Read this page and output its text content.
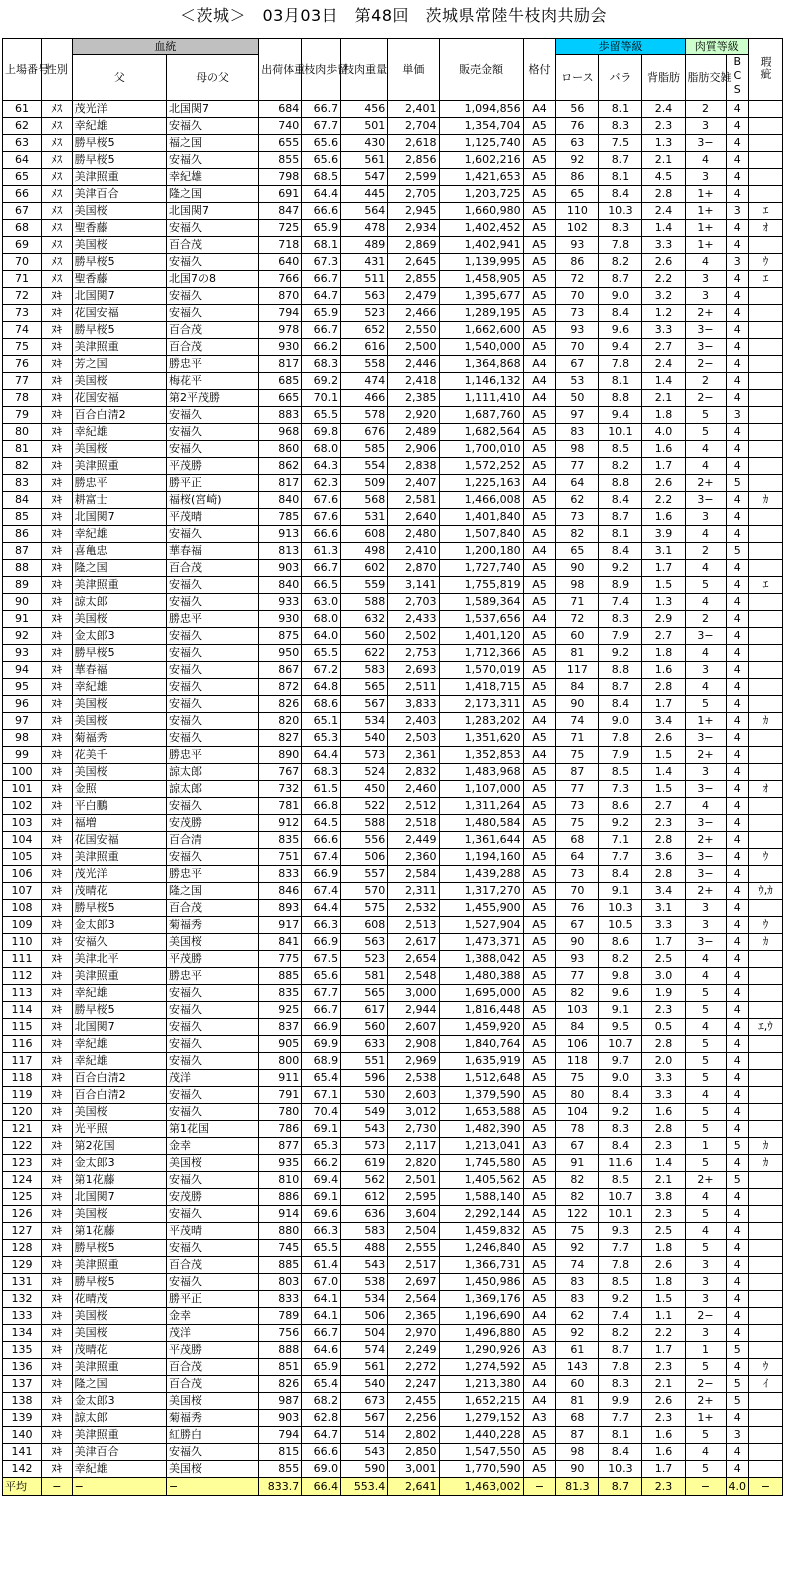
＜茨城＞　03月03日　第48回　茨城県常陸牛枝肉共励会
上場番号	性別	血統		出荷体重	枝肉歩留	枝肉重量	単価	販売金額	格付	歩留等級			肉質等級		瑕疵
		父	母の父							ロース	バラ	背脂肪	脂肪交雑	BCS	
61	ﾒｽ	茂光洋	北国関7	684	66.7	456	2,401	1,094,856	A4	56	8.1	2.4	2	4	
62	ﾒｽ	幸紀雄	安福久	740	67.7	501	2,704	1,354,704	A5	76	8.3	2.3	3	4	
63	ﾒｽ	勝早桜5	福之国	655	65.6	430	2,618	1,125,740	A5	63	7.5	1.3	3−	4	
64	ﾒｽ	勝早桜5	安福久	855	65.6	561	2,856	1,602,216	A5	92	8.7	2.1	4	4	
65	ﾒｽ	美津照重	幸紀雄	798	68.5	547	2,599	1,421,653	A5	86	8.1	4.5	3	4	
66	ﾒｽ	美津百合	隆之国	691	64.4	445	2,705	1,203,725	A5	65	8.4	2.8	1+	4	
67	ﾒｽ	美国桜	北国関7	847	66.6	564	2,945	1,660,980	A5	110	10.3	2.4	1+	3	ｴ
68	ﾒｽ	聖香藤	安福久	725	65.9	478	2,934	1,402,452	A5	102	8.3	1.4	1+	4	ｵ
69	ﾒｽ	美国桜	百合茂	718	68.1	489	2,869	1,402,941	A5	93	7.8	3.3	1+	4	
70	ﾒｽ	勝早桜5	安福久	640	67.3	431	2,645	1,139,995	A5	86	8.2	2.6	4	3	ｳ
71	ﾒｽ	聖香藤	北国7の8	766	66.7	511	2,855	1,458,905	A5	72	8.7	2.2	3	4	ｴ
72	ﾇｷ	北国関7	安福久	870	64.7	563	2,479	1,395,677	A5	70	9.0	3.2	3	4	
73	ﾇｷ	花国安福	安福久	794	65.9	523	2,466	1,289,195	A5	73	8.4	1.2	2+	4	
74	ﾇｷ	勝早桜5	百合茂	978	66.7	652	2,550	1,662,600	A5	93	9.6	3.3	3−	4	
75	ﾇｷ	美津照重	百合茂	930	66.2	616	2,500	1,540,000	A5	70	9.4	2.7	3−	4	
76	ﾇｷ	芳之国	勝忠平	817	68.3	558	2,446	1,364,868	A4	67	7.8	2.4	2−	4	
77	ﾇｷ	美国桜	梅花平	685	69.2	474	2,418	1,146,132	A4	53	8.1	1.4	2	4	
78	ﾇｷ	花国安福	第2平茂勝	665	70.1	466	2,385	1,111,410	A4	50	8.8	2.1	2−	4	
79	ﾇｷ	百合白清2	安福久	883	65.5	578	2,920	1,687,760	A5	97	9.4	1.8	5	3	
80	ﾇｷ	幸紀雄	安福久	968	69.8	676	2,489	1,682,564	A5	83	10.1	4.0	5	4	
81	ﾇｷ	美国桜	安福久	860	68.0	585	2,906	1,700,010	A5	98	8.5	1.6	4	4	
82	ﾇｷ	美津照重	平茂勝	862	64.3	554	2,838	1,572,252	A5	77	8.2	1.7	4	4	
83	ﾇｷ	勝忠平	勝平正	817	62.3	509	2,407	1,225,163	A4	64	8.8	2.6	2+	5	
84	ﾇｷ	耕富士	福桜(宮崎)	840	67.6	568	2,581	1,466,008	A5	62	8.4	2.2	3−	4	ｶ
85	ﾇｷ	北国関7	平茂晴	785	67.6	531	2,640	1,401,840	A5	73	8.7	1.6	3	4	
86	ﾇｷ	幸紀雄	安福久	913	66.6	608	2,480	1,507,840	A5	82	8.1	3.9	4	4	
87	ﾇｷ	喜亀忠	華春福	813	61.3	498	2,410	1,200,180	A4	65	8.4	3.1	2	5	
88	ﾇｷ	隆之国	百合茂	903	66.7	602	2,870	1,727,740	A5	90	9.2	1.7	4	4	
89	ﾇｷ	美津照重	安福久	840	66.5	559	3,141	1,755,819	A5	98	8.9	1.5	5	4	ｴ
90	ﾇｷ	諒太郎	安福久	933	63.0	588	2,703	1,589,364	A5	71	7.4	1.3	4	4	
91	ﾇｷ	美国桜	勝忠平	930	68.0	632	2,433	1,537,656	A4	72	8.3	2.9	2	4	
92	ﾇｷ	金太郎3	安福久	875	64.0	560	2,502	1,401,120	A5	60	7.9	2.7	3−	4	
93	ﾇｷ	勝早桜5	安福久	950	65.5	622	2,753	1,712,366	A5	81	9.2	1.8	4	4	
94	ﾇｷ	華春福	安福久	867	67.2	583	2,693	1,570,019	A5	117	8.8	1.6	3	4	
95	ﾇｷ	幸紀雄	安福久	872	64.8	565	2,511	1,418,715	A5	84	8.7	2.8	4	4	
96	ﾇｷ	美国桜	安福久	826	68.6	567	3,833	2,173,311	A5	90	8.4	1.7	5	4	
97	ﾇｷ	美国桜	安福久	820	65.1	534	2,403	1,283,202	A4	74	9.0	3.4	1+	4	ｶ
98	ﾇｷ	菊福秀	安福久	827	65.3	540	2,503	1,351,620	A5	71	7.8	2.6	3−	4	
99	ﾇｷ	花美千	勝忠平	890	64.4	573	2,361	1,352,853	A4	75	7.9	1.5	2+	4	
100	ﾇｷ	美国桜	諒太郎	767	68.3	524	2,832	1,483,968	A5	87	8.5	1.4	3	4	
101	ﾇｷ	金照	諒太郎	732	61.5	450	2,460	1,107,000	A5	77	7.3	1.5	3−	4	ｵ
102	ﾇｷ	平白鵬	安福久	781	66.8	522	2,512	1,311,264	A5	73	8.6	2.7	4	4	
103	ﾇｷ	福増	安茂勝	912	64.5	588	2,518	1,480,584	A5	75	9.2	2.3	3−	4	
104	ﾇｷ	花国安福	百合清	835	66.6	556	2,449	1,361,644	A5	68	7.1	2.8	2+	4	
105	ﾇｷ	美津照重	安福久	751	67.4	506	2,360	1,194,160	A5	64	7.7	3.6	3−	4	ｳ
106	ﾇｷ	茂光洋	勝忠平	833	66.9	557	2,584	1,439,288	A5	73	8.4	2.8	3−	4	
107	ﾇｷ	茂晴花	隆之国	846	67.4	570	2,311	1,317,270	A5	70	9.1	3.4	2+	4	ｳ,ｶ
108	ﾇｷ	勝早桜5	百合茂	893	64.4	575	2,532	1,455,900	A5	76	10.3	3.1	3	4	
109	ﾇｷ	金太郎3	菊福秀	917	66.3	608	2,513	1,527,904	A5	67	10.5	3.3	3	4	ｳ
110	ﾇｷ	安福久	美国桜	841	66.9	563	2,617	1,473,371	A5	90	8.6	1.7	3−	4	ｶ
111	ﾇｷ	美津北平	平茂勝	775	67.5	523	2,654	1,388,042	A5	93	8.2	2.5	4	4	
112	ﾇｷ	美津照重	勝忠平	885	65.6	581	2,548	1,480,388	A5	77	9.8	3.0	4	4	
113	ﾇｷ	幸紀雄	安福久	835	67.7	565	3,000	1,695,000	A5	82	9.6	1.9	5	4	
114	ﾇｷ	勝早桜5	安福久	925	66.7	617	2,944	1,816,448	A5	103	9.1	2.3	5	4	
115	ﾇｷ	北国関7	安福久	837	66.9	560	2,607	1,459,920	A5	84	9.5	0.5	4	4	ｴ,ｳ
116	ﾇｷ	幸紀雄	安福久	905	69.9	633	2,908	1,840,764	A5	106	10.7	2.8	5	4	
117	ﾇｷ	幸紀雄	安福久	800	68.9	551	2,969	1,635,919	A5	118	9.7	2.0	5	4	
118	ﾇｷ	百合白清2	茂洋	911	65.4	596	2,538	1,512,648	A5	75	9.0	3.3	5	4	
119	ﾇｷ	百合白清2	安福久	791	67.1	530	2,603	1,379,590	A5	80	8.4	3.3	4	4	
120	ﾇｷ	美国桜	安福久	780	70.4	549	3,012	1,653,588	A5	104	9.2	1.6	5	4	
121	ﾇｷ	光平照	第1花国	786	69.1	543	2,730	1,482,390	A5	78	8.3	2.8	5	4	
122	ﾇｷ	第2花国	金幸	877	65.3	573	2,117	1,213,041	A3	67	8.4	2.3	1	5	ｶ
123	ﾇｷ	金太郎3	美国桜	935	66.2	619	2,820	1,745,580	A5	91	11.6	1.4	5	4	ｶ
124	ﾇｷ	第1花藤	安福久	810	69.4	562	2,501	1,405,562	A5	82	8.5	2.1	2+	5	
125	ﾇｷ	北国関7	安茂勝	886	69.1	612	2,595	1,588,140	A5	82	10.7	3.8	4	4	
126	ﾇｷ	美国桜	安福久	914	69.6	636	3,604	2,292,144	A5	122	10.1	2.3	5	4	
127	ﾇｷ	第1花藤	平茂晴	880	66.3	583	2,504	1,459,832	A5	75	9.3	2.5	4	4	
128	ﾇｷ	勝早桜5	安福久	745	65.5	488	2,555	1,246,840	A5	92	7.7	1.8	5	4	
129	ﾇｷ	美津照重	百合茂	885	61.4	543	2,517	1,366,731	A5	74	7.8	2.6	3	4	
131	ﾇｷ	勝早桜5	安福久	803	67.0	538	2,697	1,450,986	A5	83	8.5	1.8	3	4	
132	ﾇｷ	花晴茂	勝平正	833	64.1	534	2,564	1,369,176	A5	83	9.2	1.5	3	4	
133	ﾇｷ	美国桜	金幸	789	64.1	506	2,365	1,196,690	A4	62	7.4	1.1	2−	4	
134	ﾇｷ	美国桜	茂洋	756	66.7	504	2,970	1,496,880	A5	92	8.2	2.2	3	4	
135	ﾇｷ	茂晴花	平茂勝	888	64.6	574	2,249	1,290,926	A3	61	8.7	1.7	1	5	
136	ﾇｷ	美津照重	百合茂	851	65.9	561	2,272	1,274,592	A5	143	7.8	2.3	5	4	ｳ
137	ﾇｷ	隆之国	百合茂	826	65.4	540	2,247	1,213,380	A4	60	8.3	2.1	2−	5	ｲ
138	ﾇｷ	金太郎3	美国桜	987	68.2	673	2,455	1,652,215	A4	81	9.9	2.6	2+	5	
139	ﾇｷ	諒太郎	菊福秀	903	62.8	567	2,256	1,279,152	A3	68	7.7	2.3	1+	4	
140	ﾇｷ	美津照重	紅勝白	794	64.7	514	2,802	1,440,228	A5	87	8.1	1.6	5	3	
141	ﾇｷ	美津百合	安福久	815	66.6	543	2,850	1,547,550	A5	98	8.4	1.6	4	4	
142	ﾇｷ	幸紀雄	美国桜	855	69.0	590	3,001	1,770,590	A5	90	10.3	1.7	5	4	
平均	−	−	−	833.7	66.4	553.4	2,641	1,463,002	−	81.3	8.7	2.3	−	4.0	−
